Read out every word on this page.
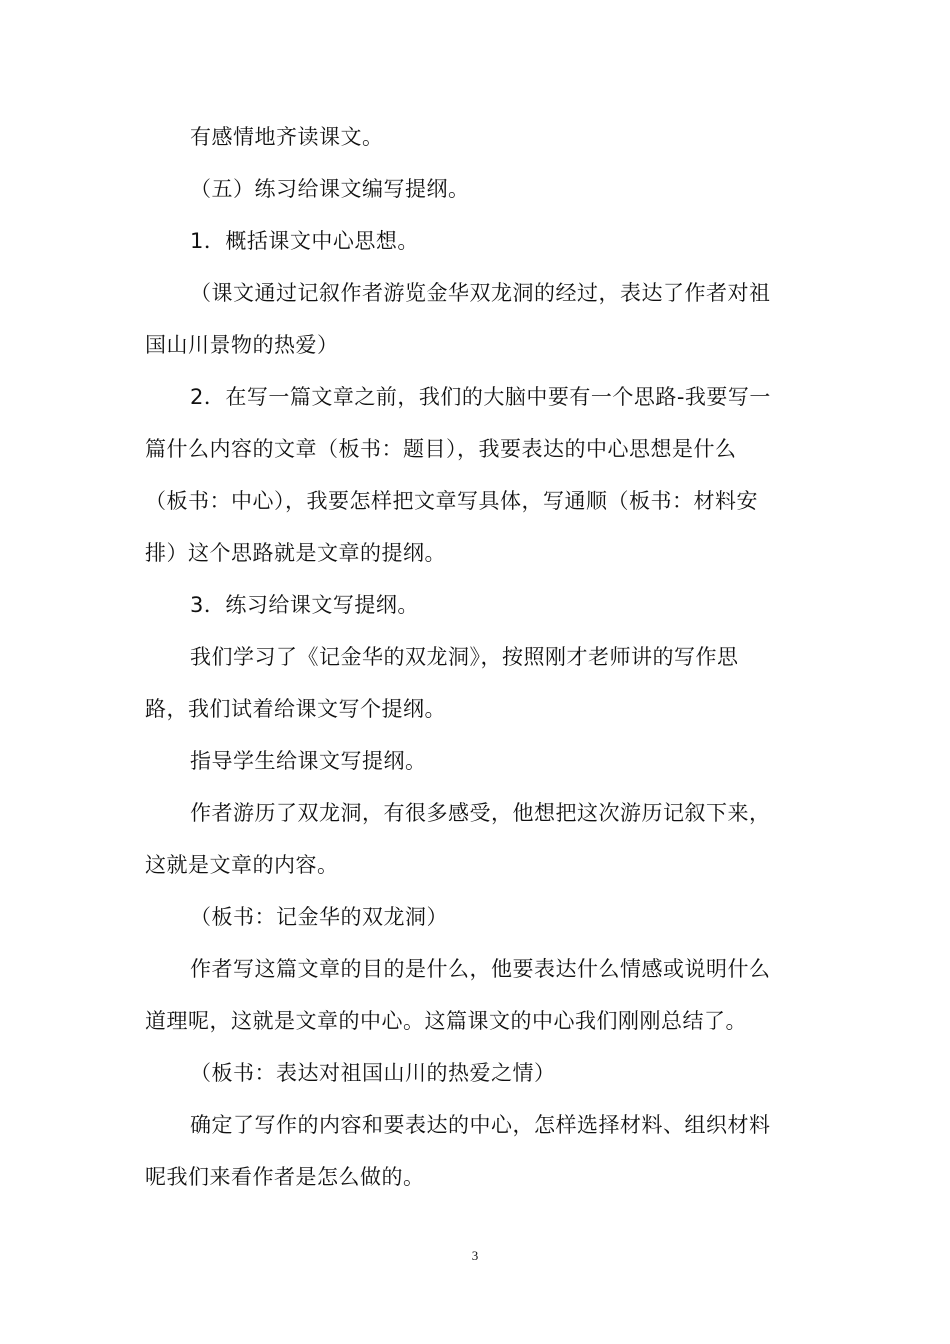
有感情地齐读课文。
（五）练习给课文编写提纲。
1．概括课文中心思想。
（课文通过记叙作者游览金华双龙洞的经过，表达了作者对祖
国山川景物的热爱）
2．在写一篇文章之前，我们的大脑中要有一个思路-我要写一
篇什么内容的文章（板书：题目），我要表达的中心思想是什么
（板书：中心），我要怎样把文章写具体，写通顺（板书：材料安
排）这个思路就是文章的提纲。
3．练习给课文写提纲。
我们学习了《记金华的双龙洞》，按照刚才老师讲的写作思
路，我们试着给课文写个提纲。
指导学生给课文写提纲。
作者游历了双龙洞，有很多感受，他想把这次游历记叙下来，
这就是文章的内容。
（板书：记金华的双龙洞）
作者写这篇文章的目的是什么，他要表达什么情感或说明什么
道理呢，这就是文章的中心。这篇课文的中心我们刚刚总结了。
（板书：表达对祖国山川的热爱之情）
确定了写作的内容和要表达的中心，怎样选择材料、组织材料
呢我们来看作者是怎么做的。
3
